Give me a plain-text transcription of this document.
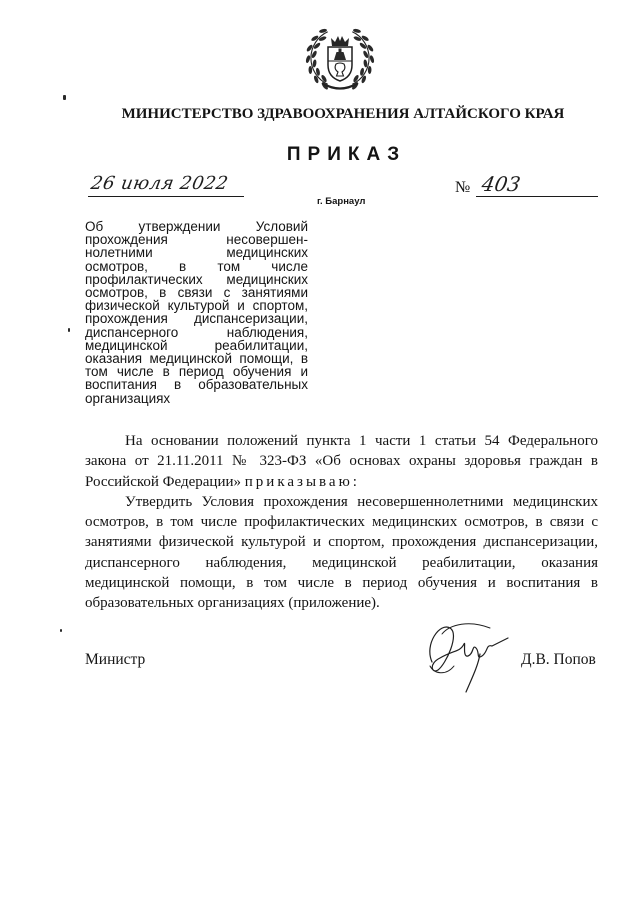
МИНИСТЕРСТВО ЗДРАВООХРАНЕНИЯ АЛТАЙСКОГО КРАЯ
ПРИКАЗ
26 июля 2022
г. Барнаул
№ 403
Об утверждении Условий
прохождения несовершен-
нолетними медицинских
осмотров, в том числе
профилактических медицинских
осмотров, в связи с занятиями
физической культурой и спортом,
прохождения диспансеризации,
диспансерного наблюдения,
медицинской реабилитации,
оказания медицинской помощи, в
том числе в период обучения и
воспитания в образовательных
организациях
На основании положений пункта 1 части 1 статьи 54 Федерального
закона от 21.11.2011 № 323-ФЗ «Об основах охраны здоровья граждан в
Российской Федерации» приказываю:
Утвердить Условия прохождения несовершеннолетними медицинских
осмотров, в том числе профилактических медицинских осмотров, в связи с
занятиями физической культурой и спортом, прохождения диспансеризации,
диспансерного наблюдения, медицинской реабилитации, оказания
медицинской помощи, в том числе в период обучения и воспитания в
образовательных организациях (приложение).
Министр	Д.В. Попов
